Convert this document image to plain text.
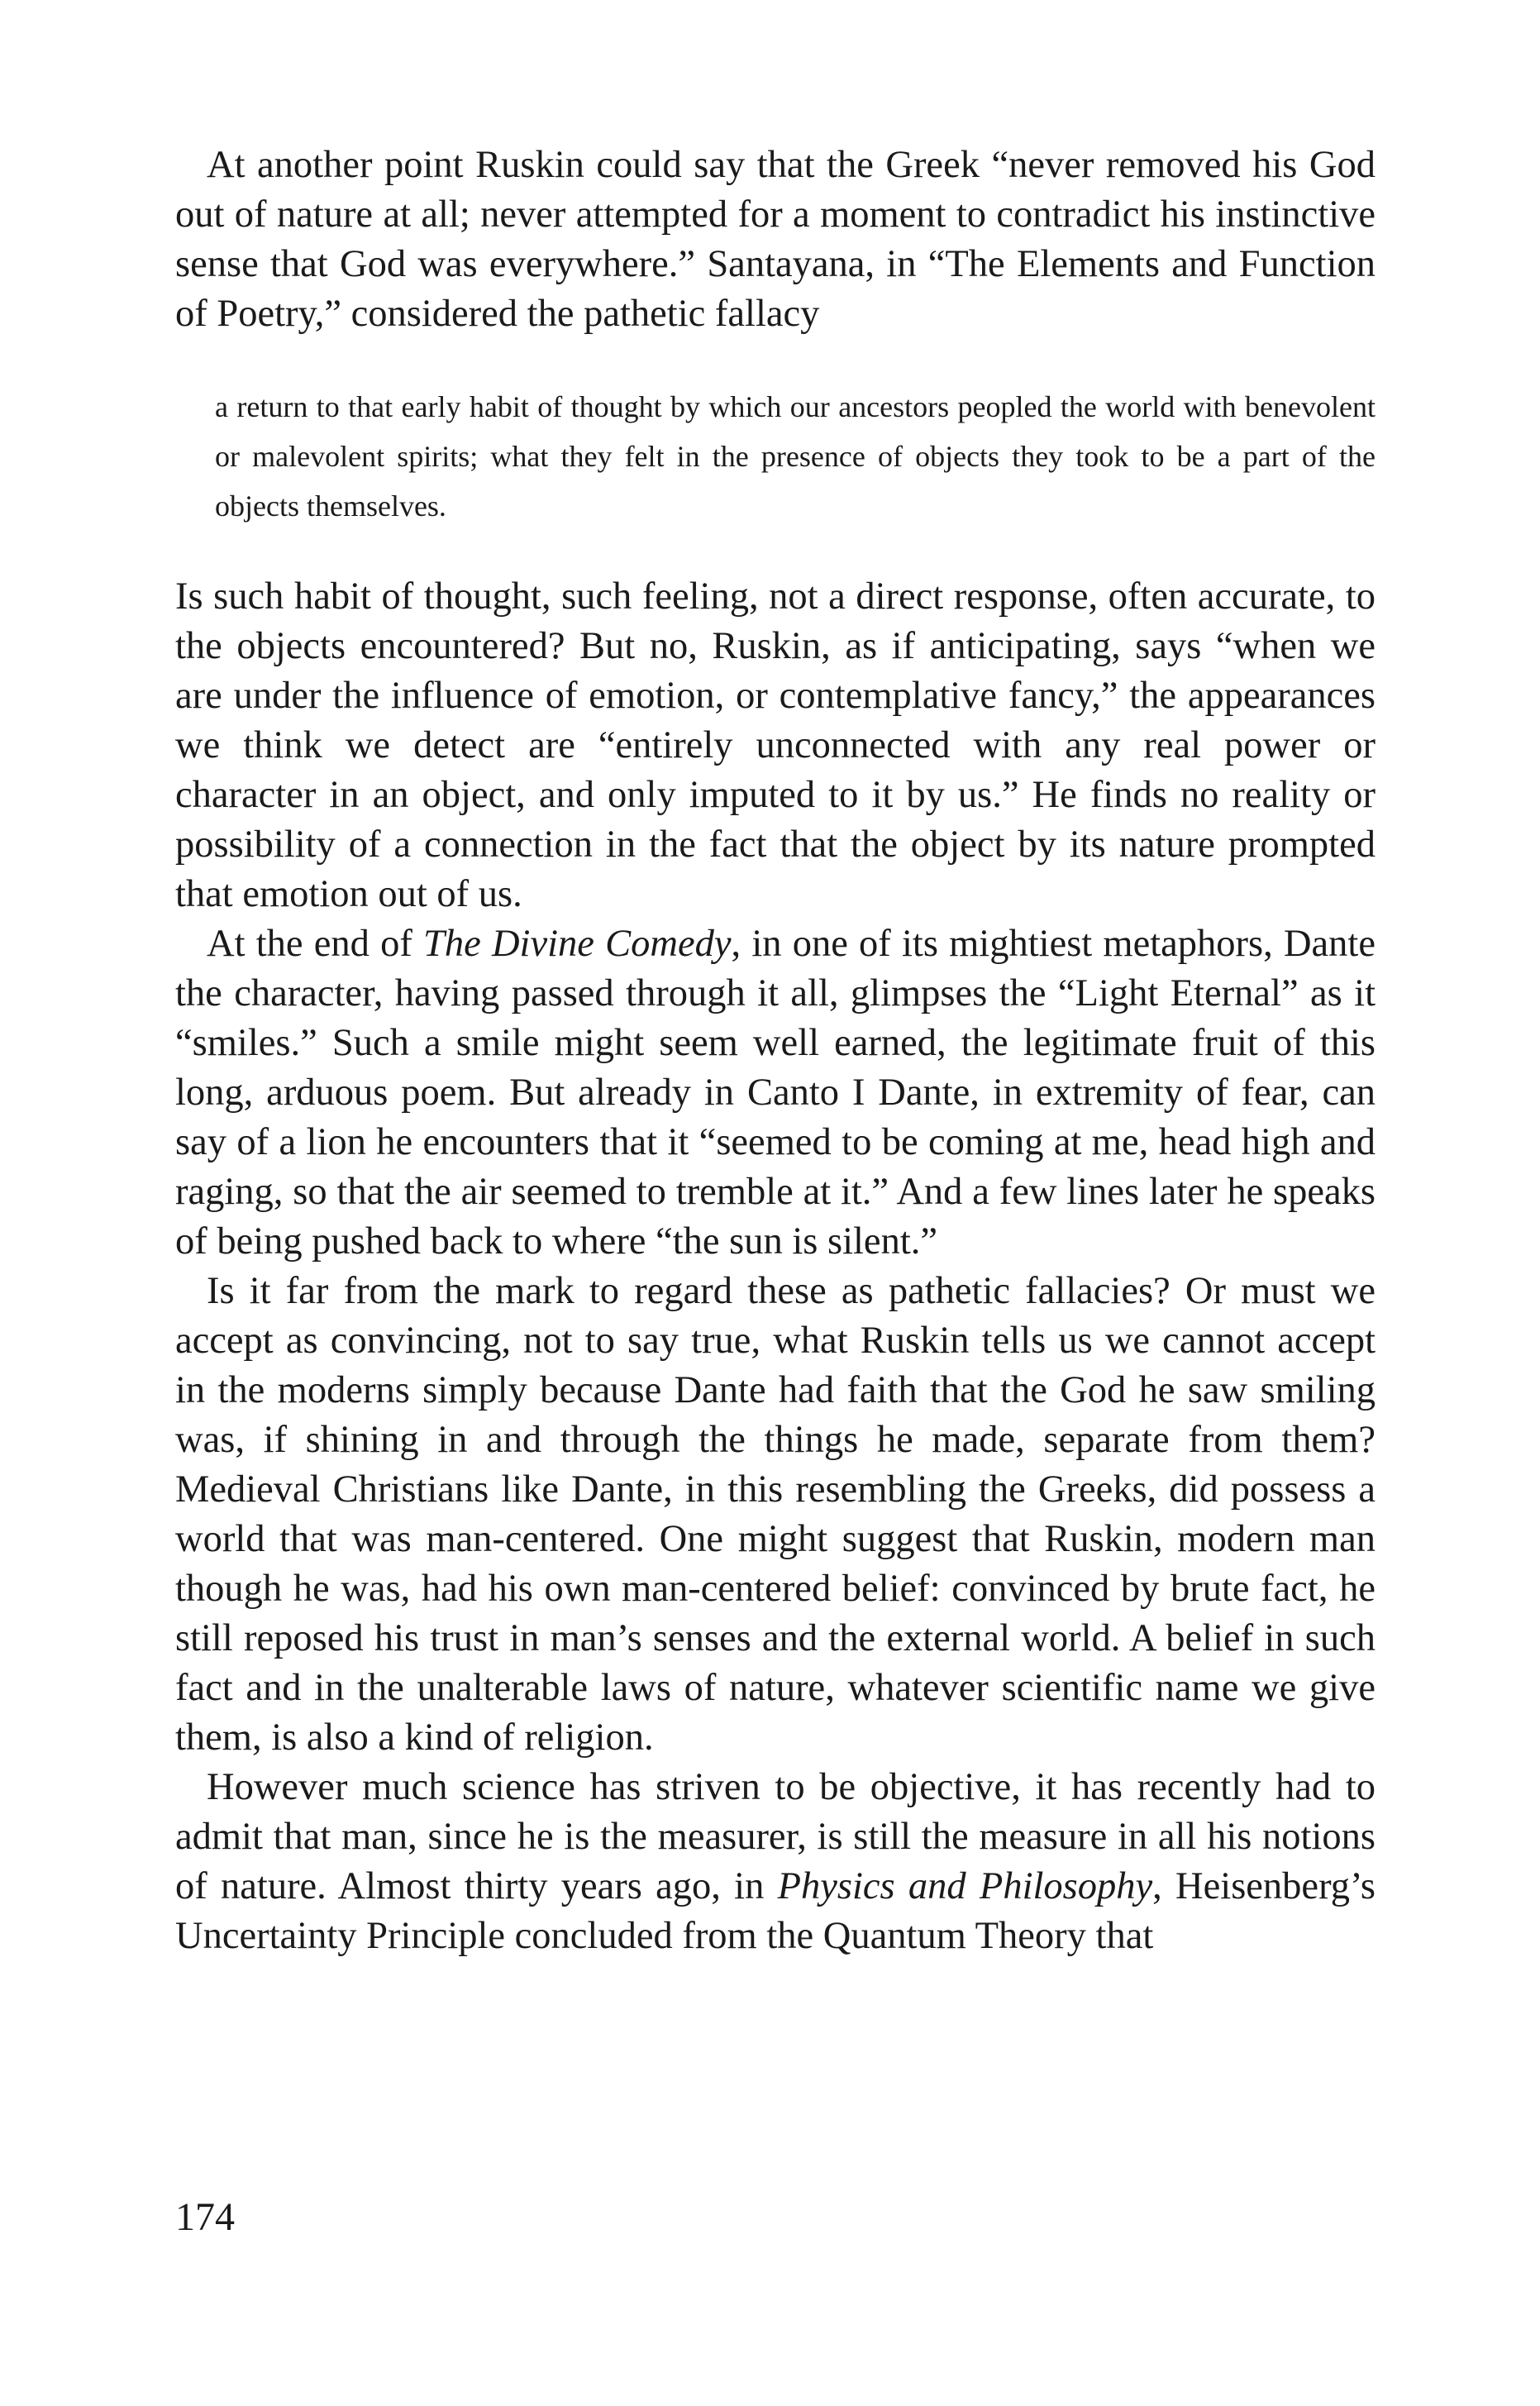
At another point Ruskin could say that the Greek “never removed his God out of nature at all; never attempted for a moment to contradict his instinctive sense that God was everywhere.” Santayana, in “The Elements and Function of Poetry,” considered the pathetic fallacy

a return to that early habit of thought by which our ancestors peopled the world with benevolent or malevolent spirits; what they felt in the presence of objects they took to be a part of the objects themselves.

Is such habit of thought, such feeling, not a direct response, often accurate, to the objects encountered? But no, Ruskin, as if anticipating, says “when we are under the influence of emotion, or contemplative fancy,” the appearances we think we detect are “entirely unconnected with any real power or character in an object, and only imputed to it by us.” He finds no reality or possibility of a connection in the fact that the object by its nature prompted that emotion out of us.

At the end of The Divine Comedy, in one of its mightiest metaphors, Dante the character, having passed through it all, glimpses the “Light Eternal” as it “smiles.” Such a smile might seem well earned, the legitimate fruit of this long, arduous poem. But already in Canto I Dante, in extremity of fear, can say of a lion he encounters that it “seemed to be coming at me, head high and raging, so that the air seemed to tremble at it.” And a few lines later he speaks of being pushed back to where “the sun is silent.”

Is it far from the mark to regard these as pathetic fallacies? Or must we accept as convincing, not to say true, what Ruskin tells us we cannot accept in the moderns simply because Dante had faith that the God he saw smiling was, if shining in and through the things he made, separate from them? Medieval Christians like Dante, in this resembling the Greeks, did possess a world that was man-centered. One might suggest that Ruskin, modern man though he was, had his own man-centered belief: convinced by brute fact, he still reposed his trust in man’s senses and the external world. A belief in such fact and in the unalterable laws of nature, whatever scientific name we give them, is also a kind of religion.

However much science has striven to be objective, it has recently had to admit that man, since he is the measurer, is still the measure in all his notions of nature. Almost thirty years ago, in Physics and Philosophy, Heisenberg’s Uncertainty Principle concluded from the Quantum Theory that

174
